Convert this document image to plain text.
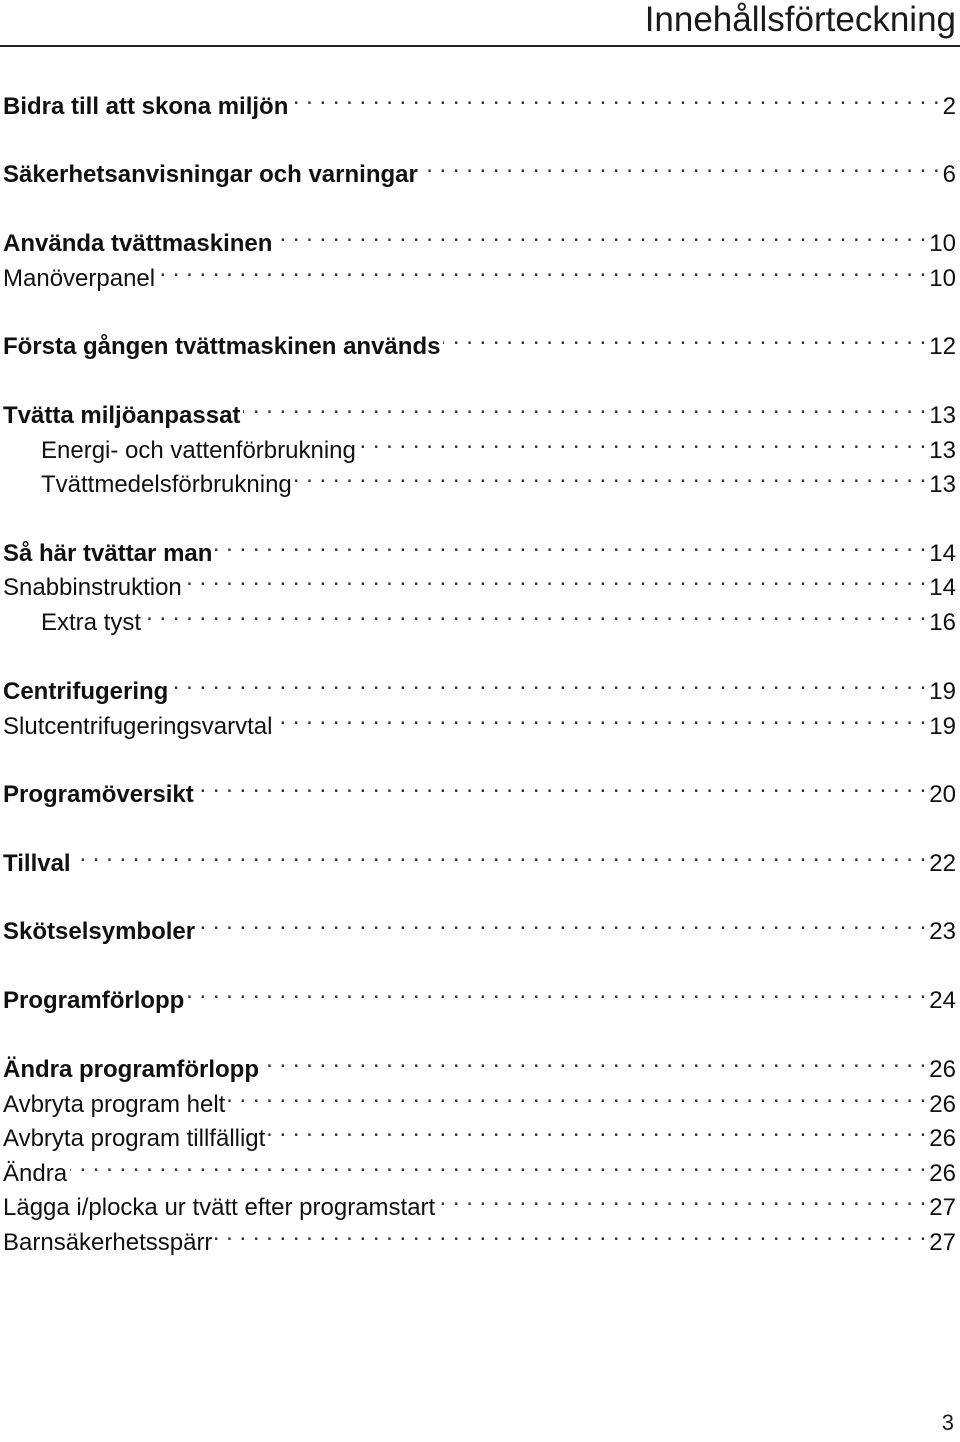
Innehållsförteckning
Bidra till att skona miljön . . .	2
Säkerhetsanvisningar och varningar . . .	6
Använda tvättmaskinen . . .	10
Manöverpanel . . .	10
Första gången tvättmaskinen används . . .	12
Tvätta miljöanpassat . . .	13
Energi- och vattenförbrukning . . .	13
Tvättmedelsförbrukning . . .	13
Så här tvättar man . . .	14
Snabbinstruktion . . .	14
Extra tyst . . .	16
Centrifugering . . .	19
Slutcentrifugeringsvarvtal . . .	19
Programöversikt . . .	20
Tillval . . .	22
Skötselsymboler . . .	23
Programförlopp . . .	24
Ändra programförlopp . . .	26
Avbryta program helt . . .	26
Avbryta program tillfälligt . . .	26
Ändra . . .	26
Lägga i/plocka ur tvätt efter programstart . . .	27
Barnsäkerhetsspärr . . .	27
3
